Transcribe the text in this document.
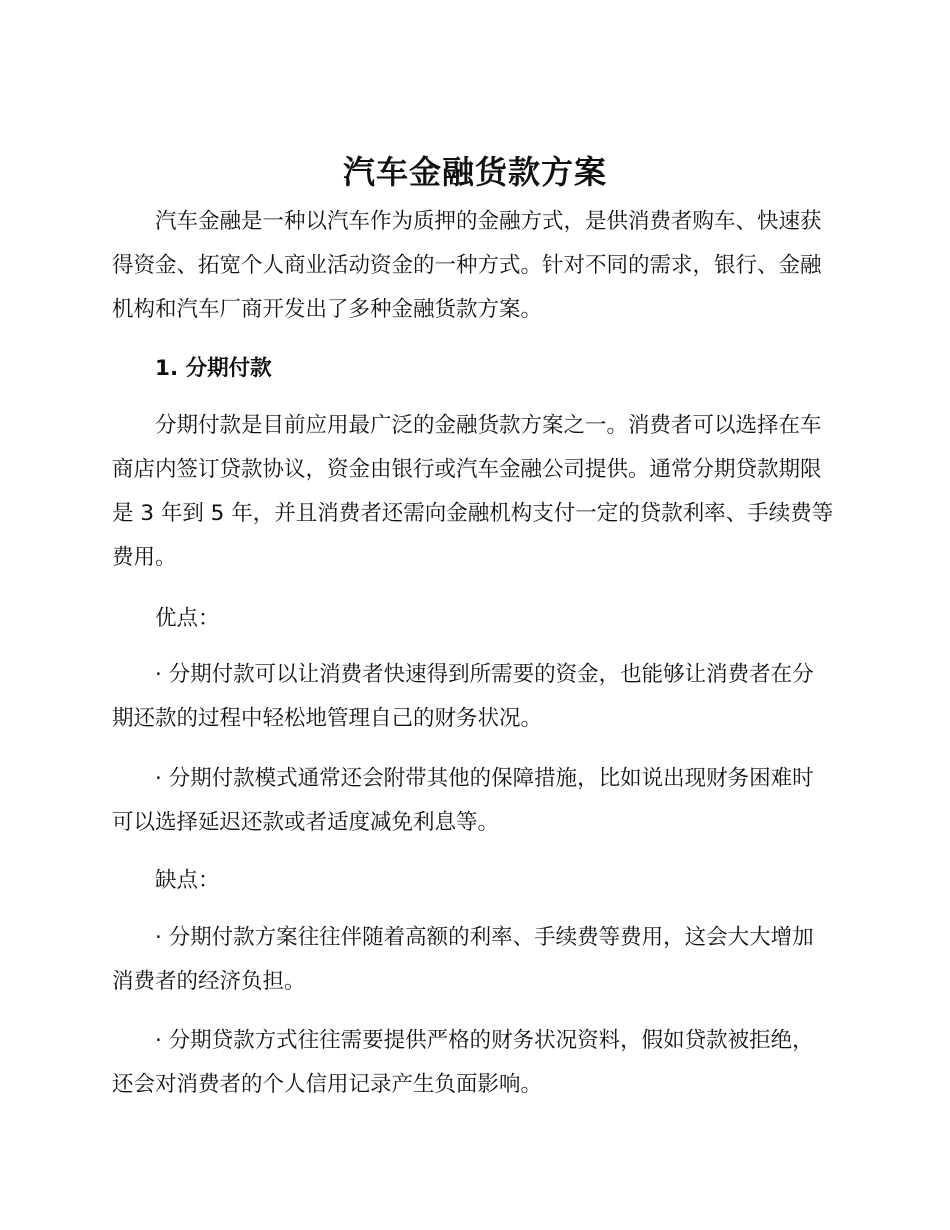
汽车金融货款方案
汽车金融是一种以汽车作为质押的金融方式，是供消费者购车、快速获
得资金、拓宽个人商业活动资金的一种方式。针对不同的需求，银行、金融
机构和汽车厂商开发出了多种金融货款方案。
1. 分期付款
分期付款是目前应用最广泛的金融货款方案之一。消费者可以选择在车
商店内签订贷款协议，资金由银行或汽车金融公司提供。通常分期贷款期限
是 3 年到 5 年，并且消费者还需向金融机构支付一定的贷款利率、手续费等
费用。
优点：
· 分期付款可以让消费者快速得到所需要的资金，也能够让消费者在分
期还款的过程中轻松地管理自己的财务状况。
· 分期付款模式通常还会附带其他的保障措施，比如说出现财务困难时
可以选择延迟还款或者适度减免利息等。
缺点：
· 分期付款方案往往伴随着高额的利率、手续费等费用，这会大大增加
消费者的经济负担。
· 分期贷款方式往往需要提供严格的财务状况资料，假如贷款被拒绝，
还会对消费者的个人信用记录产生负面影响。
